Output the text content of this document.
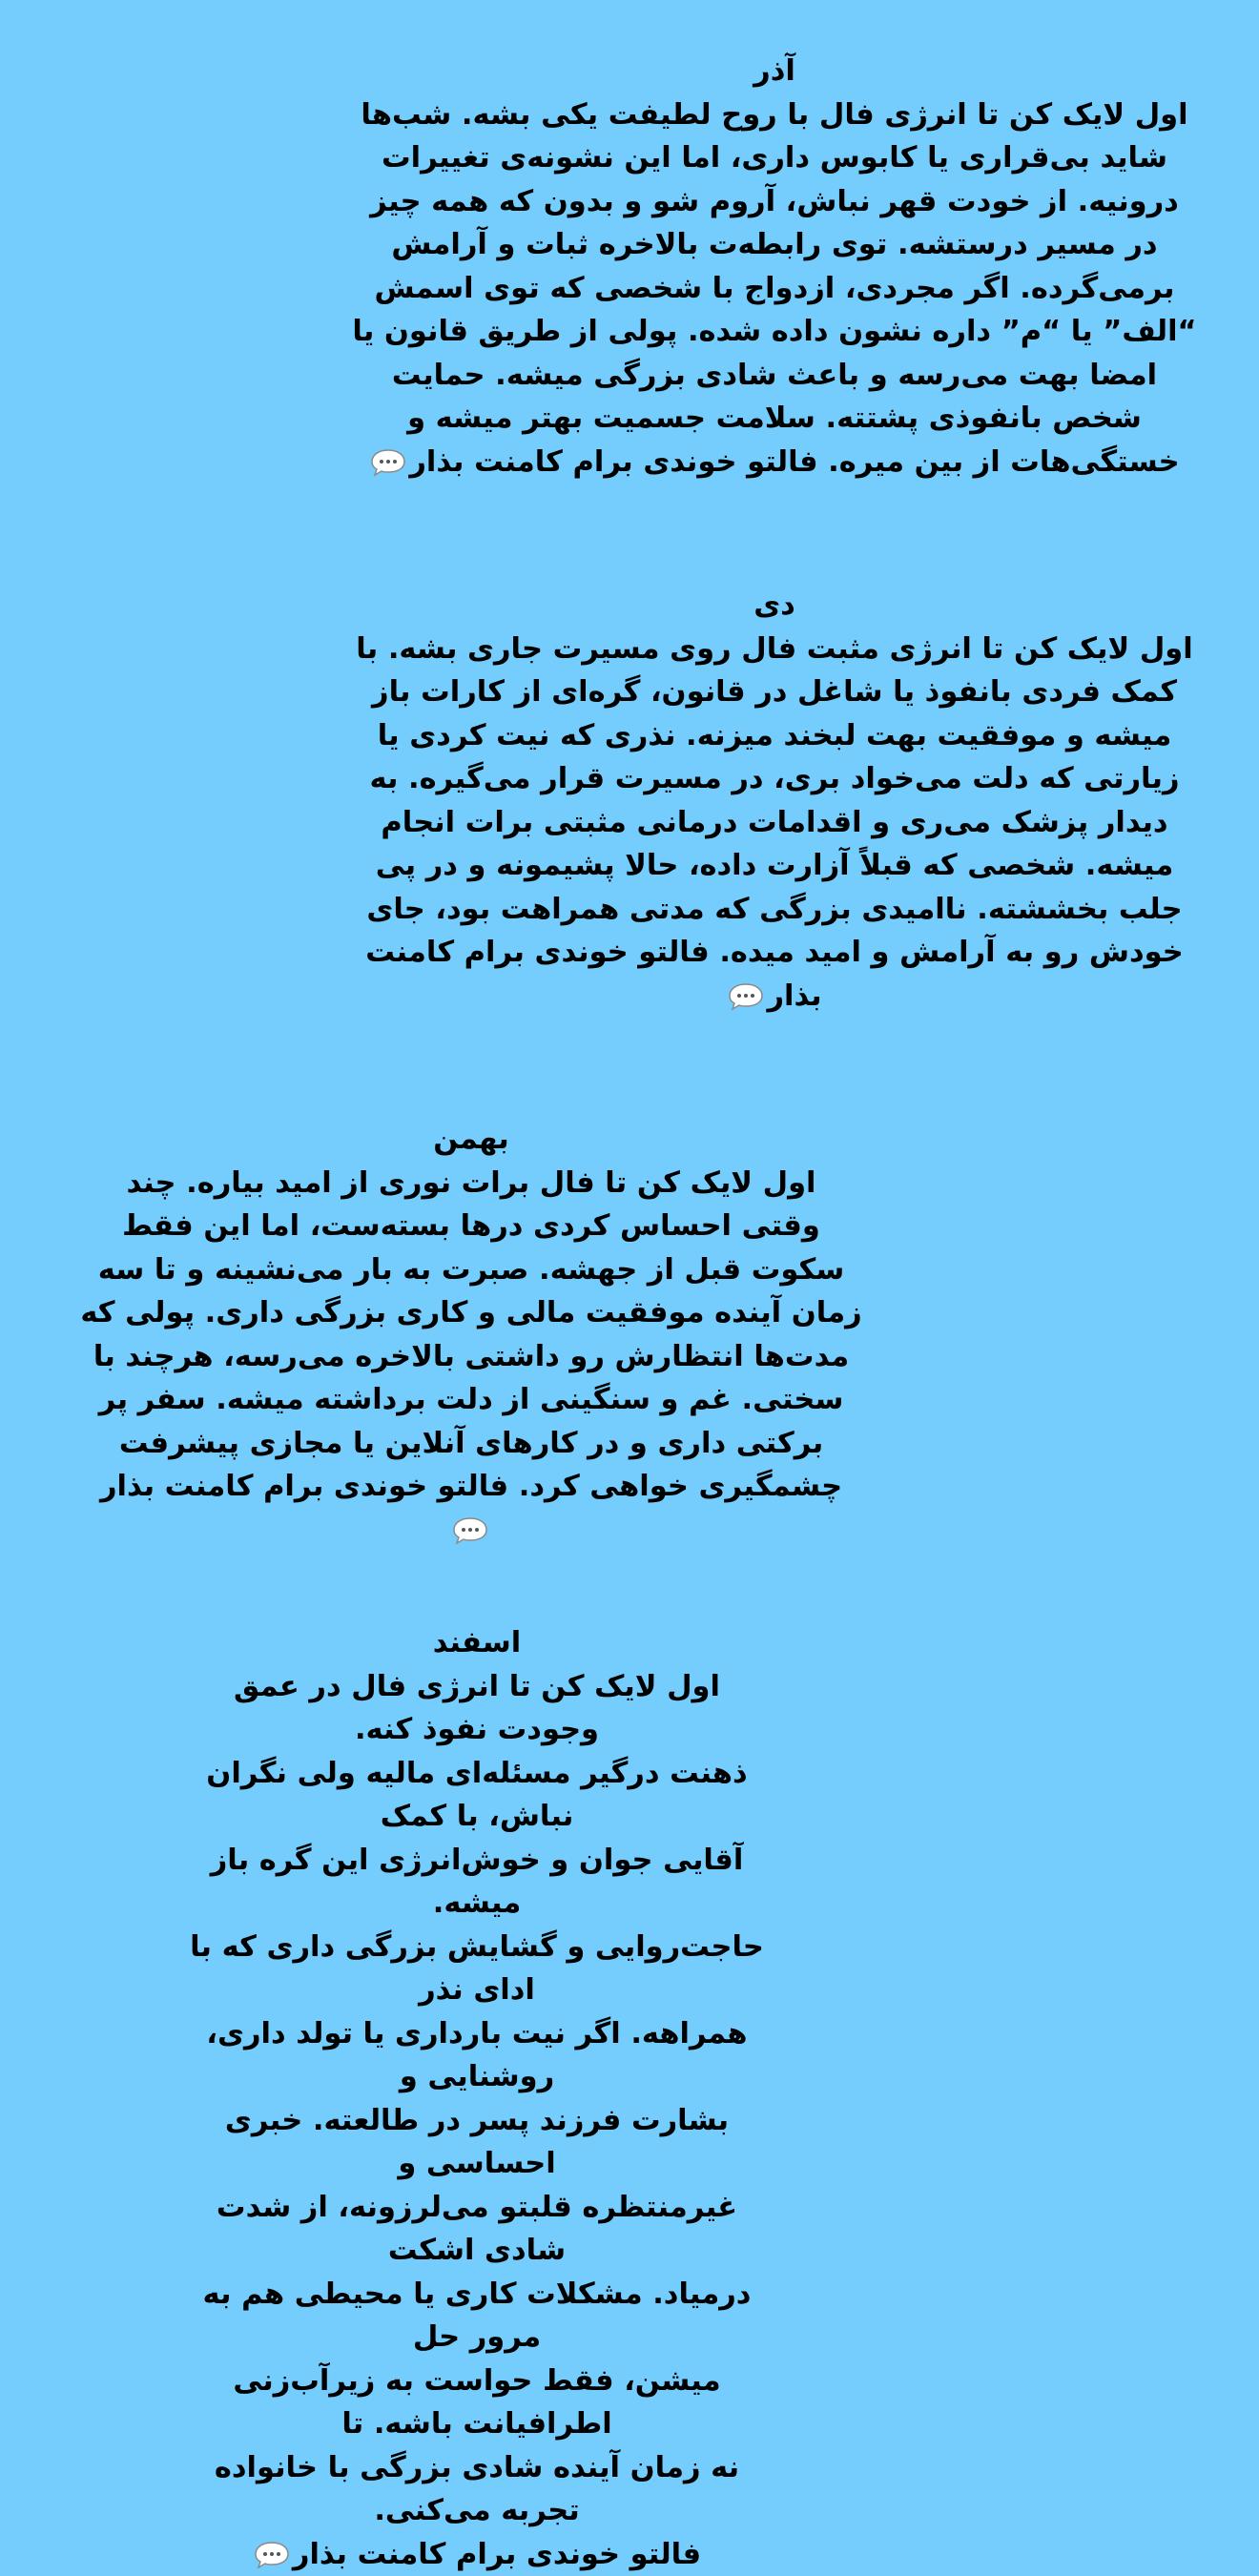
آذر

اول لایک کن تا انرژی فال با روح لطیفت یکی بشه. شب‌ها

شاید بی‌قراری یا کابوس داری، اما این نشونه‌ی تغییرات

درونیه. از خودت قهر نباش، آروم شو و بدون که همه چیز

در مسیر درستشه. توی رابطه‌ت بالاخره ثبات و آرامش

برمی‌گرده. اگر مجردی، ازدواج با شخصی که توی اسمش

“الف” یا “م” داره نشون داده شده. پولی از طریق قانون یا

امضا بهت می‌رسه و باعث شادی بزرگی میشه. حمایت

شخص بانفوذی پشتته. سلامت جسمیت بهتر میشه و

خستگی‌هات از بین میره. فالتو خوندی برام کامنت بذار
دی

اول لایک کن تا انرژی مثبت فال روی مسیرت جاری بشه. با

کمک فردی بانفوذ یا شاغل در قانون، گره‌ای از کارات باز

میشه و موفقیت بهت لبخند میزنه. نذری که نیت کردی یا

زیارتی که دلت می‌خواد بری، در مسیرت قرار می‌گیره. به

دیدار پزشک می‌ری و اقدامات درمانی مثبتی برات انجام

میشه. شخصی که قبلاً آزارت داده، حالا پشیمونه و در پی

جلب بخششته. ناامیدی بزرگی که مدتی همراهت بود، جای

خودش رو به آرامش و امید میده. فالتو خوندی برام کامنت

بذار
بهمن

اول لایک کن تا فال برات نوری از امید بیاره. چند

وقتی احساس کردی درها بسته‌ست، اما این فقط

سکوت قبل از جهشه. صبرت به بار می‌نشینه و تا سه

زمان آینده موفقیت مالی و کاری بزرگی داری. پولی که

مدت‌ها انتظارش رو داشتی بالاخره می‌رسه، هرچند با

سختی. غم و سنگینی از دلت برداشته میشه. سفر پر

برکتی داری و در کارهای آنلاین یا مجازی پیشرفت

چشمگیری خواهی کرد. فالتو خوندی برام کامنت بذار

اسفند

اول لایک کن تا انرژی فال در عمق وجودت نفوذ کنه.

ذهنت درگیر مسئله‌ای مالیه ولی نگران نباش، با کمک

آقایی جوان و خوش‌انرژی این گره باز میشه.

حاجت‌روایی و گشایش بزرگی داری که با ادای نذر

همراهه. اگر نیت بارداری یا تولد داری، روشنایی و

بشارت فرزند پسر در طالعته. خبری احساسی و

غیرمنتظره قلبتو می‌لرزونه، از شدت شادی اشکت

درمیاد. مشکلات کاری یا محیطی هم به مرور حل

میشن، فقط حواست به زیرآب‌زنی اطرافیانت باشه. تا

نه زمان آینده شادی بزرگی با خانواده تجربه می‌کنی.

فالتو خوندی برام کامنت بذار
